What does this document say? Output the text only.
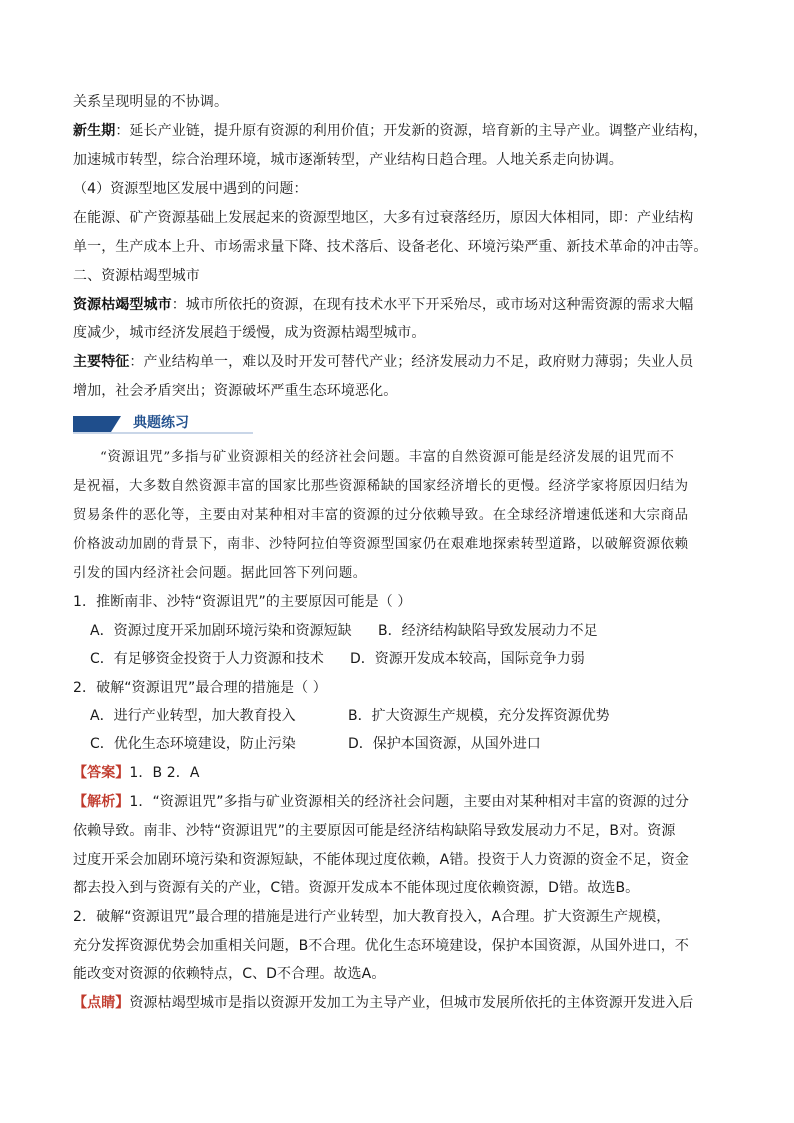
关系呈现明显的不协调。
新生期：延长产业链，提升原有资源的利用价值；开发新的资源，培育新的主导产业。调整产业结构，
加速城市转型，综合治理环境，城市逐渐转型，产业结构日趋合理。人地关系走向协调。
（4）资源型地区发展中遇到的问题：
在能源、矿产资源基础上发展起来的资源型地区，大多有过衰落经历，原因大体相同，即：产业结构
单一，生产成本上升、市场需求量下降、技术落后、设备老化、环境污染严重、新技术革命的冲击等。
二、资源枯竭型城市
资源枯竭型城市：城市所依托的资源，在现有技术水平下开采殆尽，或市场对这种需资源的需求大幅
度减少，城市经济发展趋于缓慢，成为资源枯竭型城市。
主要特征：产业结构单一，难以及时开发可替代产业；经济发展动力不足，政府财力薄弱；失业人员
增加，社会矛盾突出；资源破坏严重生态环境恶化。
典题练习
“资源诅咒”多指与矿业资源相关的经济社会问题。丰富的自然资源可能是经济发展的诅咒而不
是祝福，大多数自然资源丰富的国家比那些资源稀缺的国家经济增长的更慢。经济学家将原因归结为
贸易条件的恶化等，主要由对某种相对丰富的资源的过分依赖导致。在全球经济增速低迷和大宗商品
价格波动加剧的背景下，南非、沙特阿拉伯等资源型国家仍在艰难地探索转型道路，以破解资源依赖
引发的国内经济社会问题。据此回答下列问题。
1．推断南非、沙特“资源诅咒”的主要原因可能是（ ）
A．资源过度开采加剧环境污染和资源短缺 B．经济结构缺陷导致发展动力不足
C．有足够资金投资于人力资源和技术 D．资源开发成本较高，国际竞争力弱
2．破解“资源诅咒”最合理的措施是（ ）
A．进行产业转型，加大教育投入	B．扩大资源生产规模，充分发挥资源优势
C．优化生态环境建设，防止污染	D．保护本国资源，从国外进口
【答案】1．B 2．A
【解析】1．“资源诅咒”多指与矿业资源相关的经济社会问题，主要由对某种相对丰富的资源的过分
依赖导致。南非、沙特“资源诅咒”的主要原因可能是经济结构缺陷导致发展动力不足，B对。资源
过度开采会加剧环境污染和资源短缺，不能体现过度依赖，A错。投资于人力资源的资金不足，资金
都去投入到与资源有关的产业，C错。资源开发成本不能体现过度依赖资源，D错。故选B。
2．破解“资源诅咒”最合理的措施是进行产业转型，加大教育投入，A合理。扩大资源生产规模，
充分发挥资源优势会加重相关问题，B不合理。优化生态环境建设，保护本国资源，从国外进口，不
能改变对资源的依赖特点，C、D不合理。故选A。
【点睛】资源枯竭型城市是指以资源开发加工为主导产业，但城市发展所依托的主体资源开发进入后
